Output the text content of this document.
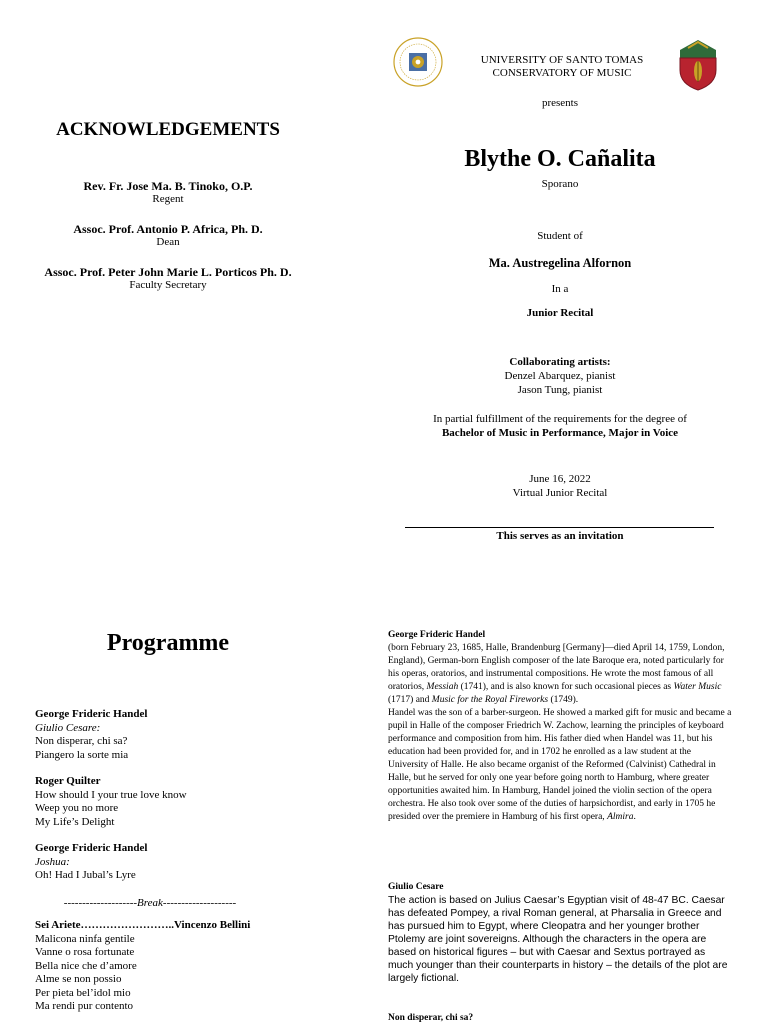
UNIVERSITY OF SANTO TOMAS
CONSERVATORY OF MUSIC
presents
ACKNOWLEDGEMENTS
Rev. Fr. Jose Ma. B. Tinoko, O.P.
Regent
Assoc. Prof. Antonio P. Africa, Ph. D.
Dean
Assoc. Prof. Peter John Marie L. Porticos Ph. D.
Faculty Secretary
Blythe O. Cañalita
Sporano
Student of
Ma. Austregelina Alfornon
In a
Junior Recital
Collaborating artists:
Denzel Abarquez, pianist
Jason Tung, pianist
In partial fulfillment of the requirements for the degree of
Bachelor of Music in Performance, Major in Voice
June 16, 2022
Virtual Junior Recital
This serves as an invitation
Programme
George Frideric Handel
Giulio Cesare:
Non disperar, chi sa?
Piangero la sorte mia
Roger Quilter
How should I your true love know
Weep you no more
My Life’s Delight
George Frideric Handel
Joshua:
Oh! Had I Jubal’s Lyre
--------------------Break--------------------
Sei Ariete……………………..Vincenzo Bellini
Malicona ninfa gentile
Vanne o rosa fortunate
Bella nice che d’amore
Alme se non possio
Per pieta bel’idol mio
Ma rendi pur contento

George Frideric Handel

(born February 23, 1685, Halle, Brandenburg [Germany]—died April 14, 1759, London, England), German-born English composer of the late Baroque era, noted particularly for his operas, oratorios, and instrumental compositions. He wrote the most famous of all oratorios, Messiah (1741), and is also known for such occasional pieces as Water Music (1717) and Music for the Royal Fireworks (1749).

Handel was the son of a barber-surgeon. He showed a marked gift for music and became a pupil in Halle of the composer Friedrich W. Zachow, learning the principles of keyboard performance and composition from him. His father died when Handel was 11, but his education had been provided for, and in 1702 he enrolled as a law student at the University of Halle. He also became organist of the Reformed (Calvinist) Cathedral in Halle, but he served for only one year before going north to Hamburg, where greater opportunities awaited him. In Hamburg, Handel joined the violin section of the opera orchestra. He also took over some of the duties of harpsichordist, and early in 1705 he presided over the premiere in Hamburg of his first opera, Almira.

Giulio Cesare
The action is based on Julius Caesar’s Egyptian visit of 48-47 BC. Caesar has defeated Pompey, a rival Roman general, at Pharsalia in Greece and has pursued him to Egypt, where Cleopatra and her younger brother Ptolemy are joint sovereigns. Although the characters in the opera are based on historical figures – but with Caesar and Sextus portrayed as much younger than their counterparts in history – the details of the plot are largely fictional.
Non disperar, chi sa?
